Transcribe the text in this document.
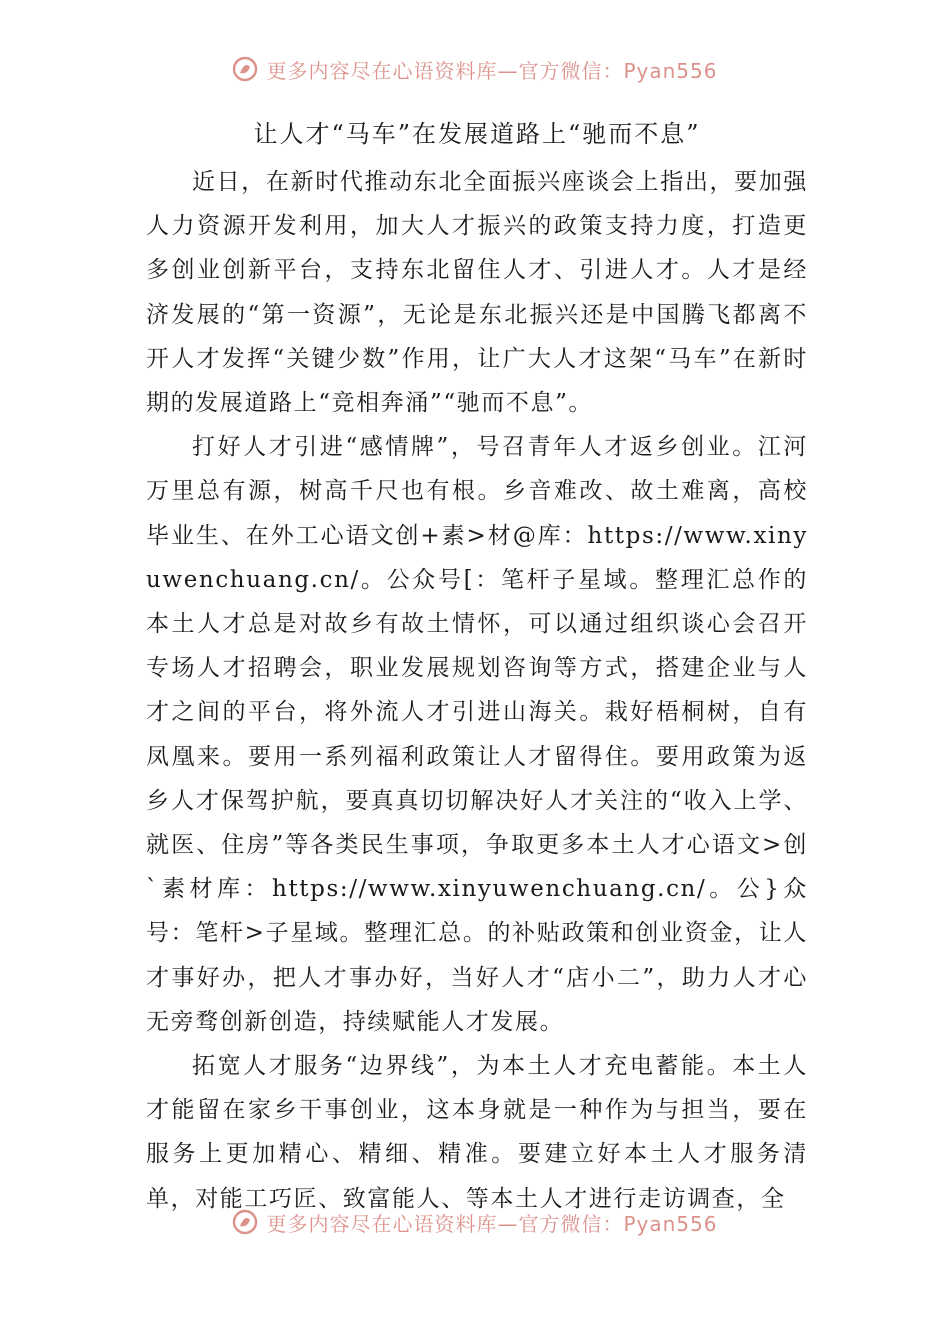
更多内容尽在心语资料库—官方微信：Pyan556
让人才“马车”在发展道路上“驰而不息”

近日，在新时代推动东北全面振兴座谈会上指出，要加强人力资源开发利用，加大人才振兴的政策支持力度，打造更多创业创新平台，支持东北留住人才、引进人才。人才是经济发展的“第一资源”，无论是东北振兴还是中国腾飞都离不开人才发挥“关键少数”作用，让广大人才这架“马车”在新时期的发展道路上“竞相奔涌”“驰而不息”。

打好人才引进“感情牌”，号召青年人才返乡创业。江河万里总有源，树高千尺也有根。乡音难改、故土难离，高校毕业生、在外工心语文创+素>材@库：https://www.xinyuwenchuang.cn/。公众号[：笔杆子星域。整理汇总作的本土人才总是对故乡有故土情怀，可以通过组织谈心会召开专场人才招聘会，职业发展规划咨询等方式，搭建企业与人才之间的平台，将外流人才引进山海关。栽好梧桐树，自有凤凰来。要用一系列福利政策让人才留得住。要用政策为返乡人才保驾护航，要真真切切解决好人才关注的“收入上学、就医、住房”等各类民生事项，争取更多本土人才心语文>创`素材库：https://www.xinyuwenchuang.cn/。公}众号：笔杆>子星域。整理汇总。的补贴政策和创业资金，让人才事好办，把人才事办好，当好人才“店小二”，助力人才心无旁骛创新创造，持续赋能人才发展。

拓宽人才服务“边界线”，为本土人才充电蓄能。本土人才能留在家乡干事创业，这本身就是一种作为与担当，要在服务上更加精心、精细、精准。要建立好本土人才服务清单，对能工巧匠、致富能人、等本土人才进行走访调查，全

更多内容尽在心语资料库—官方微信：Pyan556
